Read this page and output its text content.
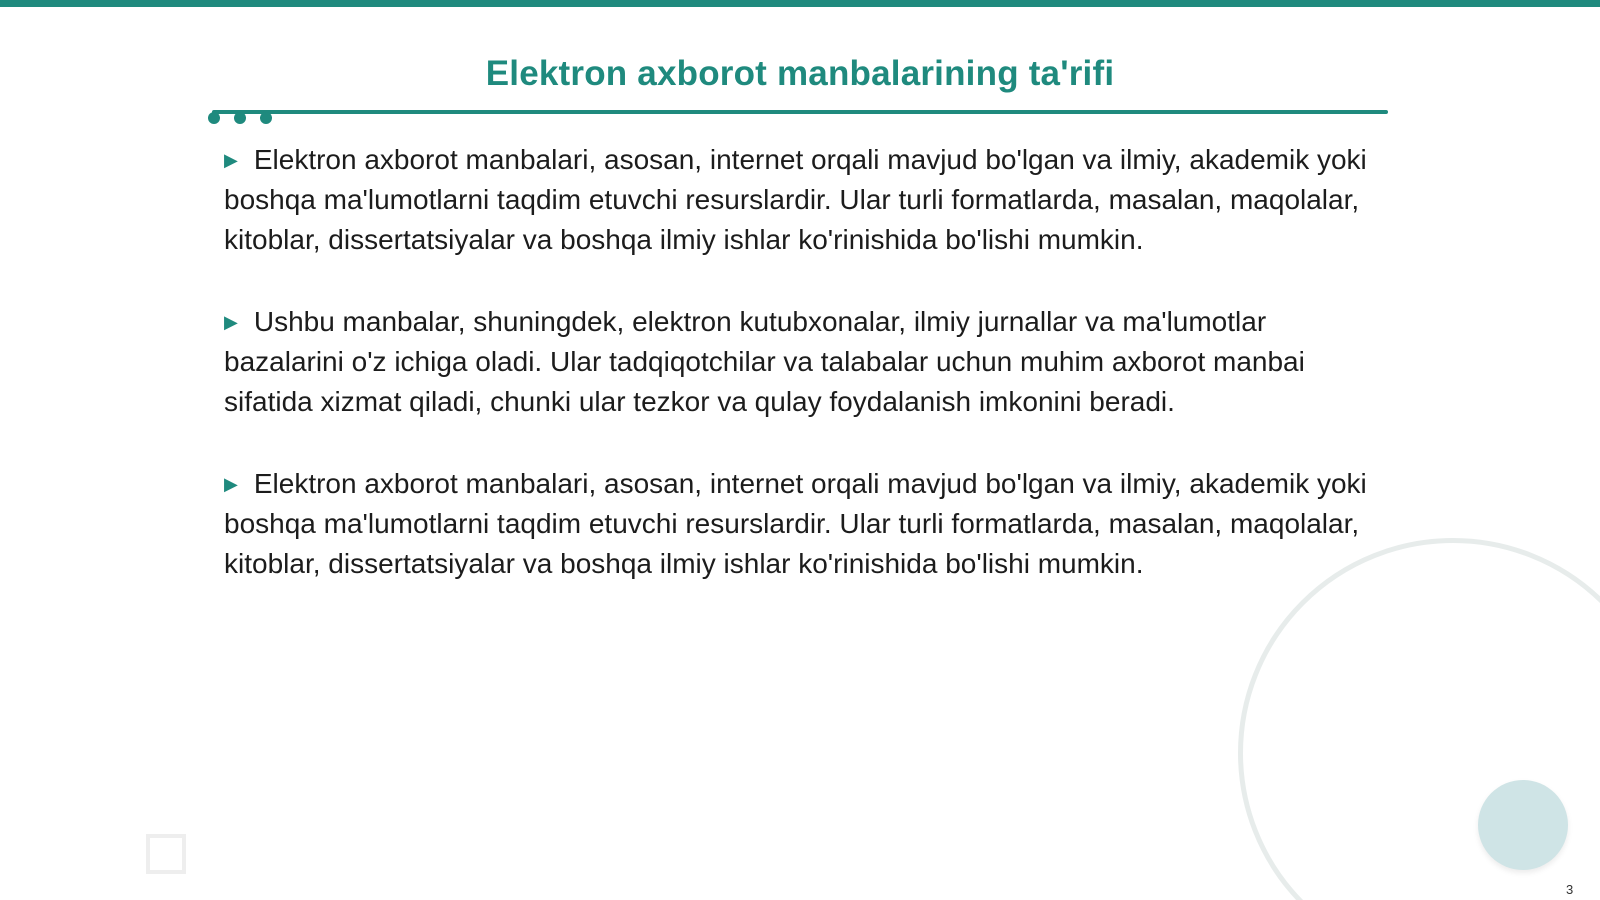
Elektron axborot manbalarining ta'rifi

▶ Elektron axborot manbalari, asosan, internet orqali mavjud bo'lgan va ilmiy, akademik yoki boshqa ma'lumotlarni taqdim etuvchi resurslardir. Ular turli formatlarda, masalan, maqolalar, kitoblar, dissertatsiyalar va boshqa ilmiy ishlar ko'rinishida bo'lishi mumkin.

▶ Ushbu manbalar, shuningdek, elektron kutubxonalar, ilmiy jurnallar va ma'lumotlar bazalarini o'z ichiga oladi. Ular tadqiqotchilar va talabalar uchun muhim axborot manbai sifatida xizmat qiladi, chunki ular tezkor va qulay foydalanish imkonini beradi.

▶ Elektron axborot manbalari, asosan, internet orqali mavjud bo'lgan va ilmiy, akademik yoki boshqa ma'lumotlarni taqdim etuvchi resurslardir. Ular turli formatlarda, masalan, maqolalar, kitoblar, dissertatsiyalar va boshqa ilmiy ishlar ko'rinishida bo'lishi mumkin.

3
